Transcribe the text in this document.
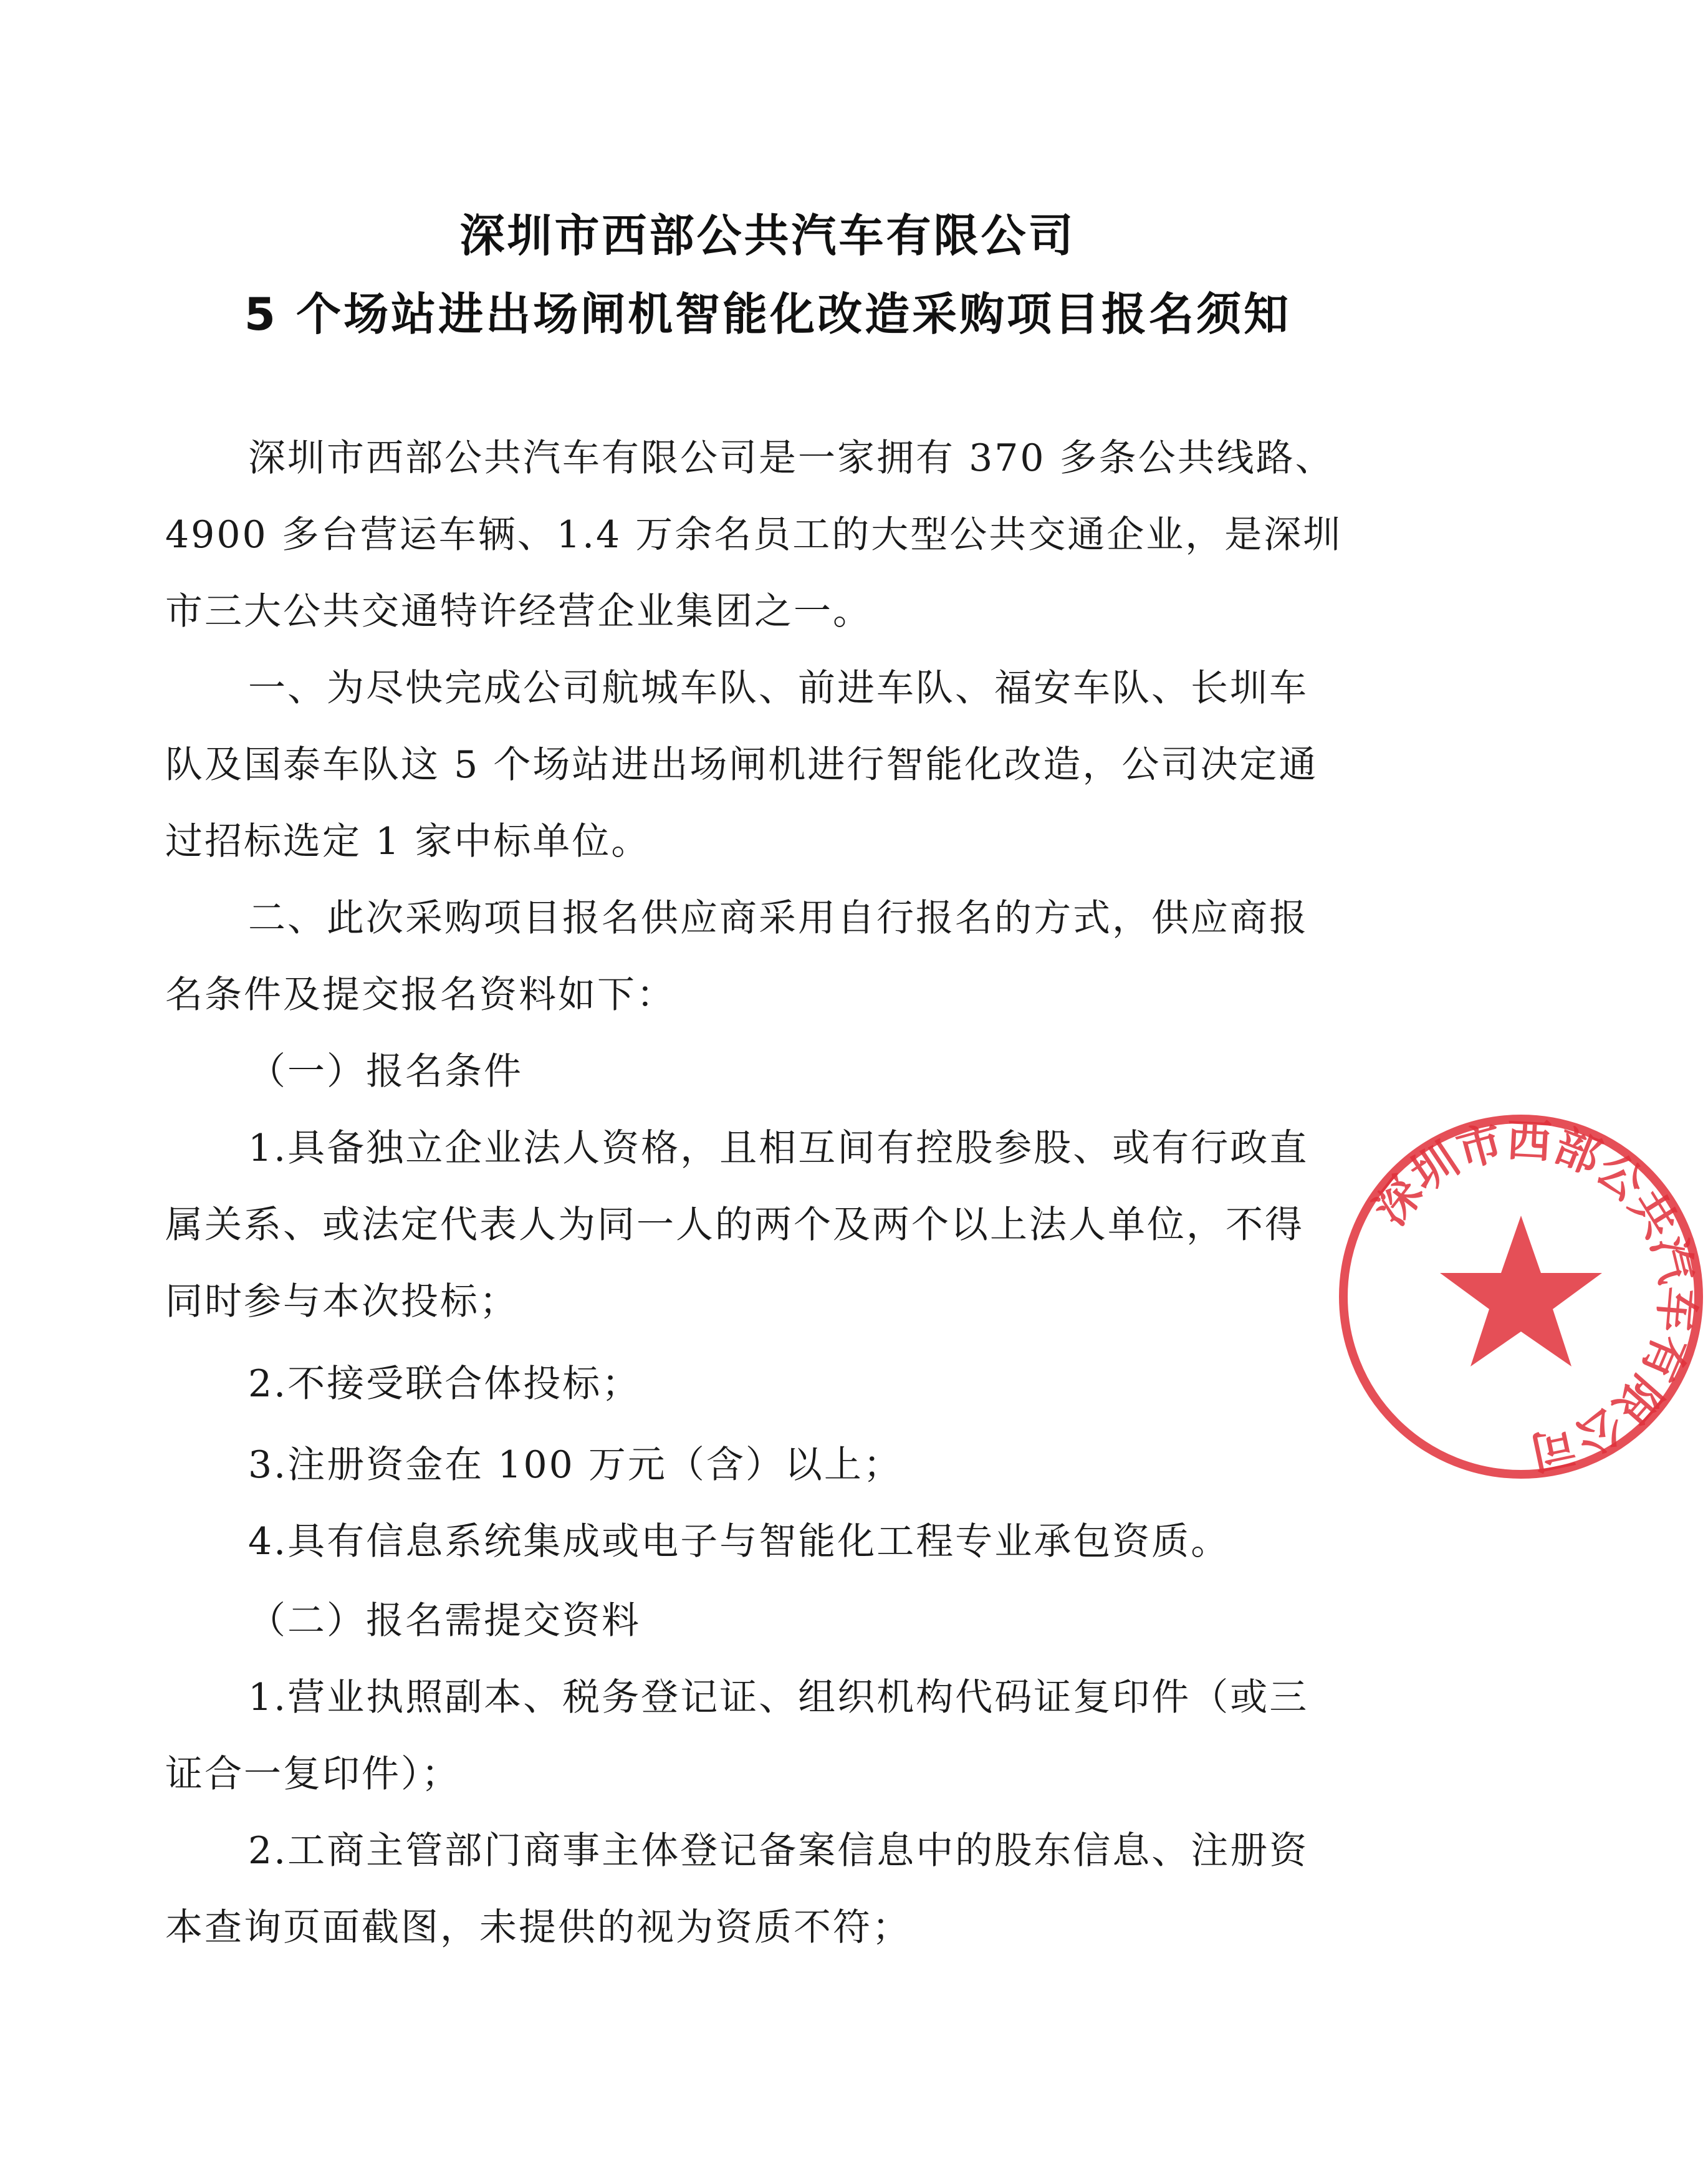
深圳市西部公共汽车有限公司
5 个场站进出场闸机智能化改造采购项目报名须知
深圳市西部公共汽车有限公司是一家拥有 370 多条公共线路、
4900 多台营运车辆、1.4 万余名员工的大型公共交通企业，是深圳
市三大公共交通特许经营企业集团之一。
一、为尽快完成公司航城车队、前进车队、福安车队、长圳车
队及国泰车队这 5 个场站进出场闸机进行智能化改造，公司决定通
过招标选定 1 家中标单位。
二、此次采购项目报名供应商采用自行报名的方式，供应商报
名条件及提交报名资料如下：
（一）报名条件
1.具备独立企业法人资格，且相互间有控股参股、或有行政直
属关系、或法定代表人为同一人的两个及两个以上法人单位，不得
同时参与本次投标；
2.不接受联合体投标；
3.注册资金在 100 万元（含）以上；
4.具有信息系统集成或电子与智能化工程专业承包资质。
（二）报名需提交资料
1.营业执照副本、税务登记证、组织机构代码证复印件（或三
证合一复印件）；
2.工商主管部门商事主体登记备案信息中的股东信息、注册资
本查询页面截图，未提供的视为资质不符；
深圳市西部公共汽车有限公司
